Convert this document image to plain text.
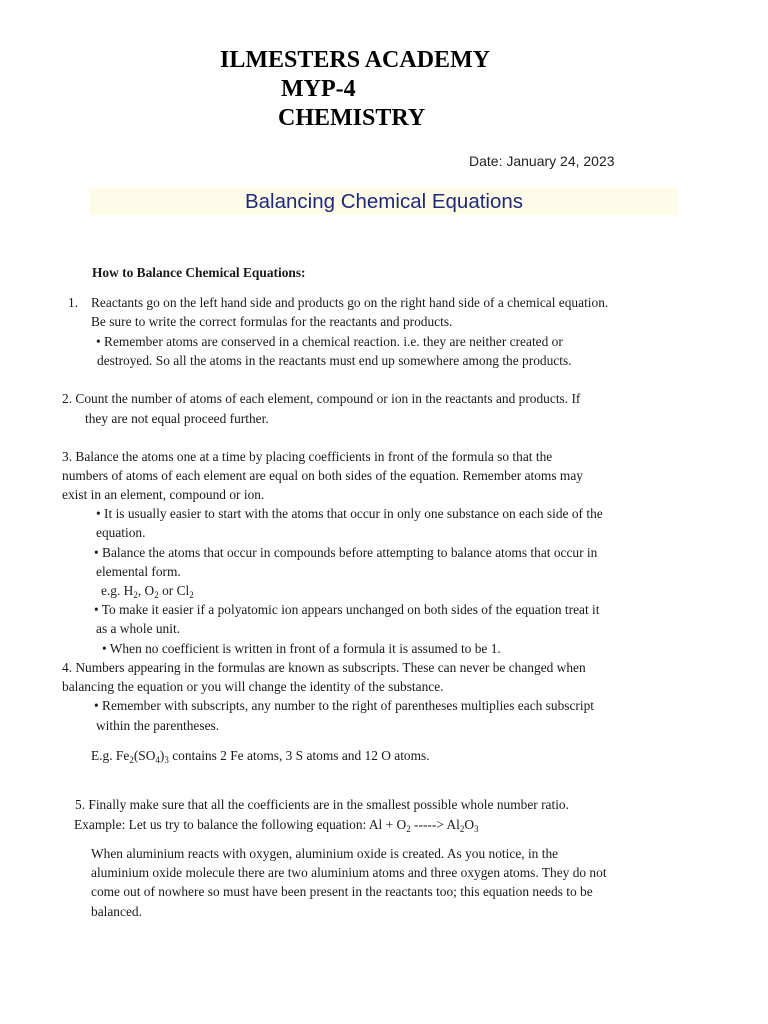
ILMESTERS ACADEMY
MYP-4
CHEMISTRY
Date: January 24, 2023
Balancing Chemical Equations
How to Balance Chemical Equations:
1. Reactants go on the left hand side and products go on the right hand side of a chemical equation.
Be sure to write the correct formulas for the reactants and products.
• Remember atoms are conserved in a chemical reaction. i.e. they are neither created or
destroyed. So all the atoms in the reactants must end up somewhere among the products.
2. Count the number of atoms of each element, compound or ion in the reactants and products. If
they are not equal proceed further.
3. Balance the atoms one at a time by placing coefficients in front of the formula so that the
numbers of atoms of each element are equal on both sides of the equation. Remember atoms may
exist in an element, compound or ion.
• It is usually easier to start with the atoms that occur in only one substance on each side of the
equation.
• Balance the atoms that occur in compounds before attempting to balance atoms that occur in
elemental form.
e.g. $H_2$, $O_2$ or $Cl_2$
• To make it easier if a polyatomic ion appears unchanged on both sides of the equation treat it
as a whole unit.
• When no coefficient is written in front of a formula it is assumed to be 1.
4. Numbers appearing in the formulas are known as subscripts. These can never be changed when
balancing the equation or you will change the identity of the substance.
• Remember with subscripts, any number to the right of parentheses multiplies each subscript
within the parentheses.
E.g. $Fe_2(SO_4)_3$ contains 2 Fe atoms, 3 S atoms and 12 O atoms.
5. Finally make sure that all the coefficients are in the smallest possible whole number ratio.
Example: Let us try to balance the following equation: $Al + O_2$ -----> $Al_2O_3$
When aluminium reacts with oxygen, aluminium oxide is created. As you notice, in the
aluminium oxide molecule there are two aluminium atoms and three oxygen atoms. They do not
come out of nowhere so must have been present in the reactants too; this equation needs to be
balanced.
